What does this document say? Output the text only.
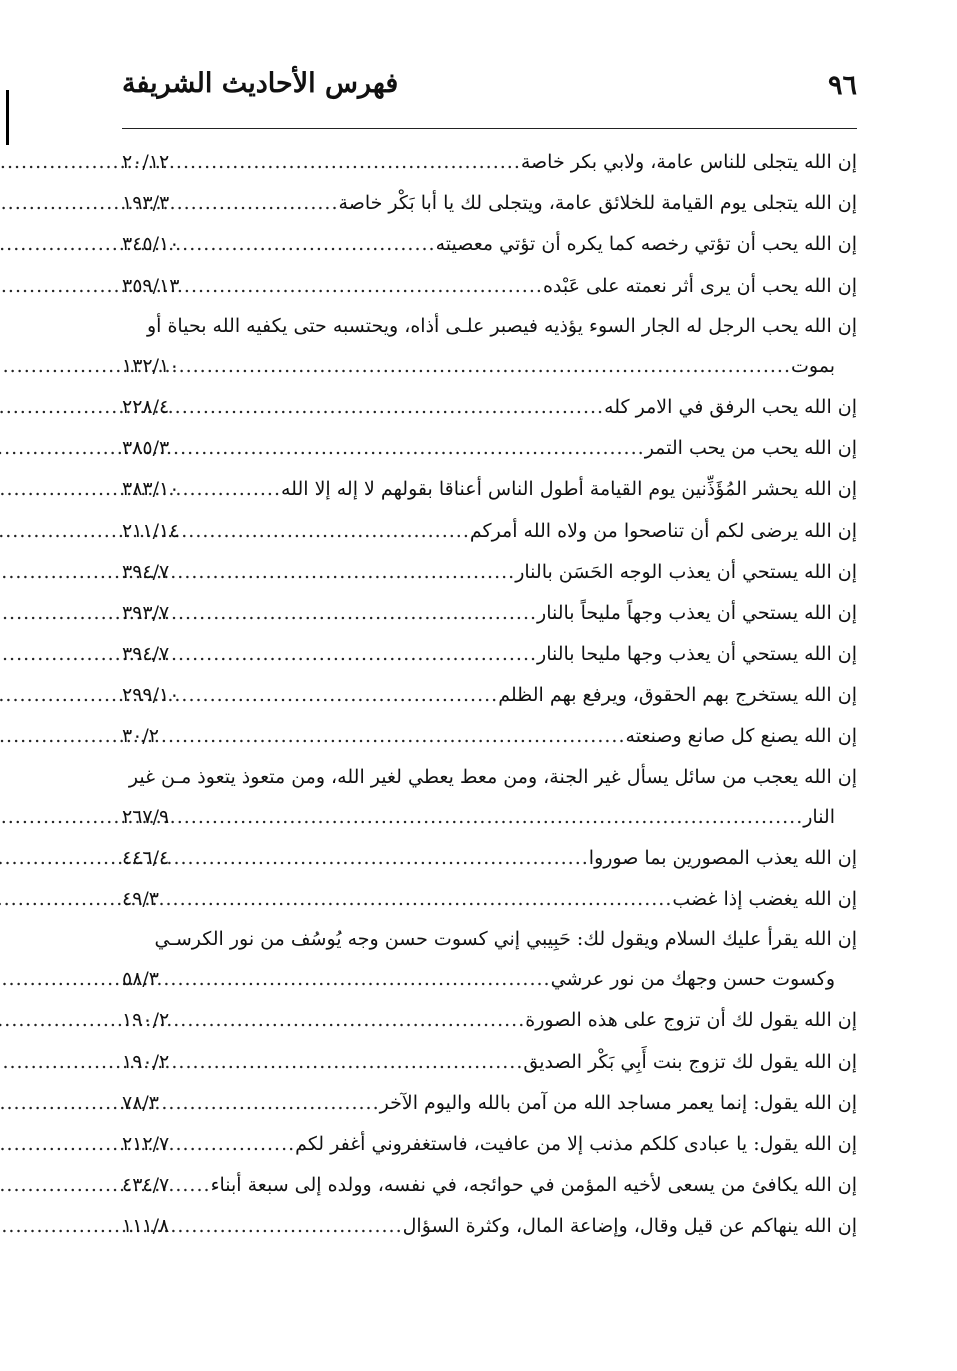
فهرس الأحاديث الشريفة	٩٦
إن الله يتجلى للناس عامة، ولابي بكر خاصة
.....
٢٠/١٢
إن الله يتجلى يوم القيامة للخلائق عامة، ويتجلى لك يا أبا بَكْر خاصة
.....
١٩٣/٣
إن الله يحب أن تؤتي رخصه كما يكره أن تؤتي معصيته
.....
٣٤٥/١٠
إن الله يحب أن يرى أثر نعمته على عَبْده
.....
٣٥٩/١٣
إن الله يحب الرجل له الجار السوء يؤذيه فيصبر علـى أذاه، ويحتسبه حتى يكفيه الله بحياة أو
بموت
.....
١٣٢/١٠
إن الله يحب الرفق في الامر كله
.....
٢٢٨/٤
إن الله يحب من يحب التمر
.....
٣٨٥/٣
إن الله يحشر المُؤَذِّنين يوم القيامة أطول الناس أعناقا بقولهم لا إله إلا الله
.....
٣٨٣/١٠
إن الله يرضى لكم أن تناصحوا من ولاه الله أمركم
.....
٢١١/١٤
إن الله يستحي أن يعذب الوجه الحَسَن بالنار
.....
٣٩٤/٧
إن الله يستحي أن يعذب وجهاً مليحاً بالنار
.....
٣٩٣/٧
إن الله يستحي أن يعذب وجها مليحا بالنار
.....
٣٩٤/٧
إن الله يستخرج بهم الحقوق، ويرفع بهم الظلم
.....
٢٩٩/١٠
إن الله يصنع كل صانع وصنعته
.....
٣٠/٢
إن الله يعجب من سائل يسأل غير الجنة، ومن معط يعطي لغير الله، ومن متعوذ يتعوذ مـن غير
النار
.....
٢٦٧/٩
إن الله يعذب المصورين بما صوروا
.....
٤٤٦/٤
إن الله يغضب إذا غضب
.....
٤٩/٣
إن الله يقرأ عليك السلام ويقول لك: حَبِيبي إني كسوت حسن وجه يُوسُف من نور الكرسـي
وكسوت حسن وجهك من نور عرشي
.....
٥٨/٣
إن الله يقول لك أن تزوج على هذه الصورة
.....
١٩٠/٢
إن الله يقول لك تزوج بنت أَبِي بَكْر الصديق
.....
١٩٠/٢
إن الله يقول: إنما يعمر مساجد الله من آمن بالله واليوم الآخر
.....
٧٨/٣
إن الله يقول: يا عبادى كلكم مذنب إلا من عافيت، فاستغفروني أغفر لكم
.....
٢١٢/٧
إن الله يكافئ من يسعى لأخيه المؤمن في حوائجه، في نفسه، وولده إلى سبعة أبناء
.....
٤٣٤/٧
إن الله ينهاكم عن قيل وقال، وإضاعة المال، وكثرة السؤال
.....
١١١/٨
